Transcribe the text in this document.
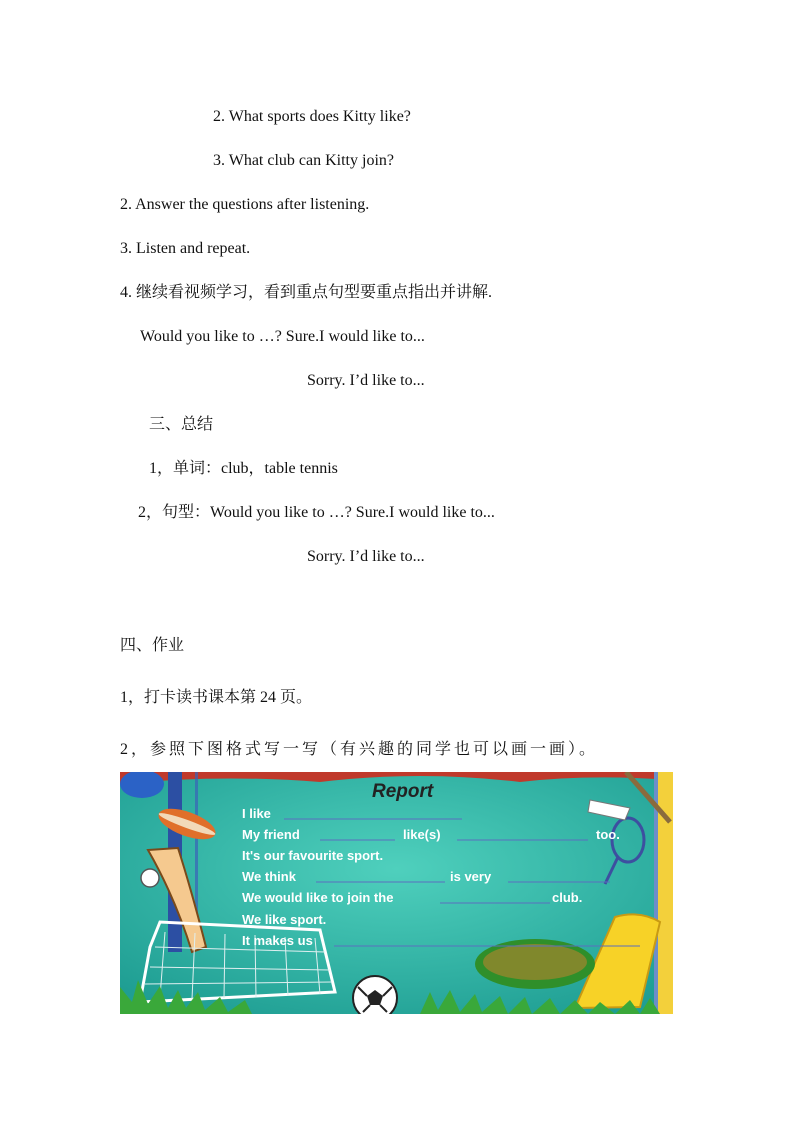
2. What sports does Kitty like?
3. What club can Kitty join?
2. Answer the questions after listening.
3. Listen and repeat.
4. 继续看视频学习，看到重点句型要重点指出并讲解.
Would you like to …? Sure.I would like to...
Sorry. I’d like to...
三、总结
1，单词：club，table tennis
2，句型：Would you like to …? Sure.I would like to...
Sorry. I’d like to...
四、作业
1，打卡读书课本第 24 页。
2，参照下图格式写一写（有兴趣的同学也可以画一画）。
Report
I like
My friend	like(s)	too.
It's our favourite sport.
We think	is very
We would like to join the	club.
We like sport.
It makes us
